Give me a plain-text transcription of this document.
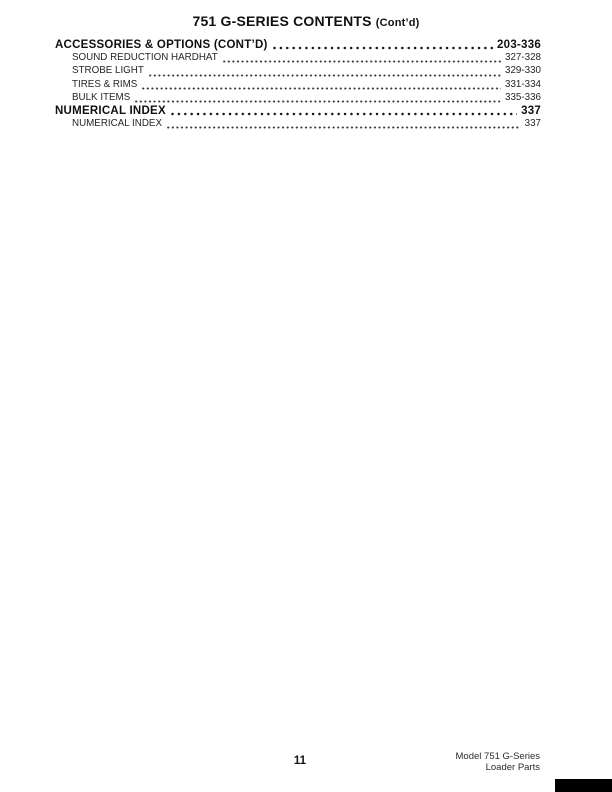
751 G-SERIES CONTENTS (Cont’d)
ACCESSORIES & OPTIONS (CONT’D)	203-336
SOUND REDUCTION HARDHAT	327-328
STROBE LIGHT	329-330
TIRES & RIMS	331-334
BULK ITEMS	335-336
NUMERICAL INDEX	337
NUMERICAL INDEX	337
11	Model 751 G-Series
Loader Parts
